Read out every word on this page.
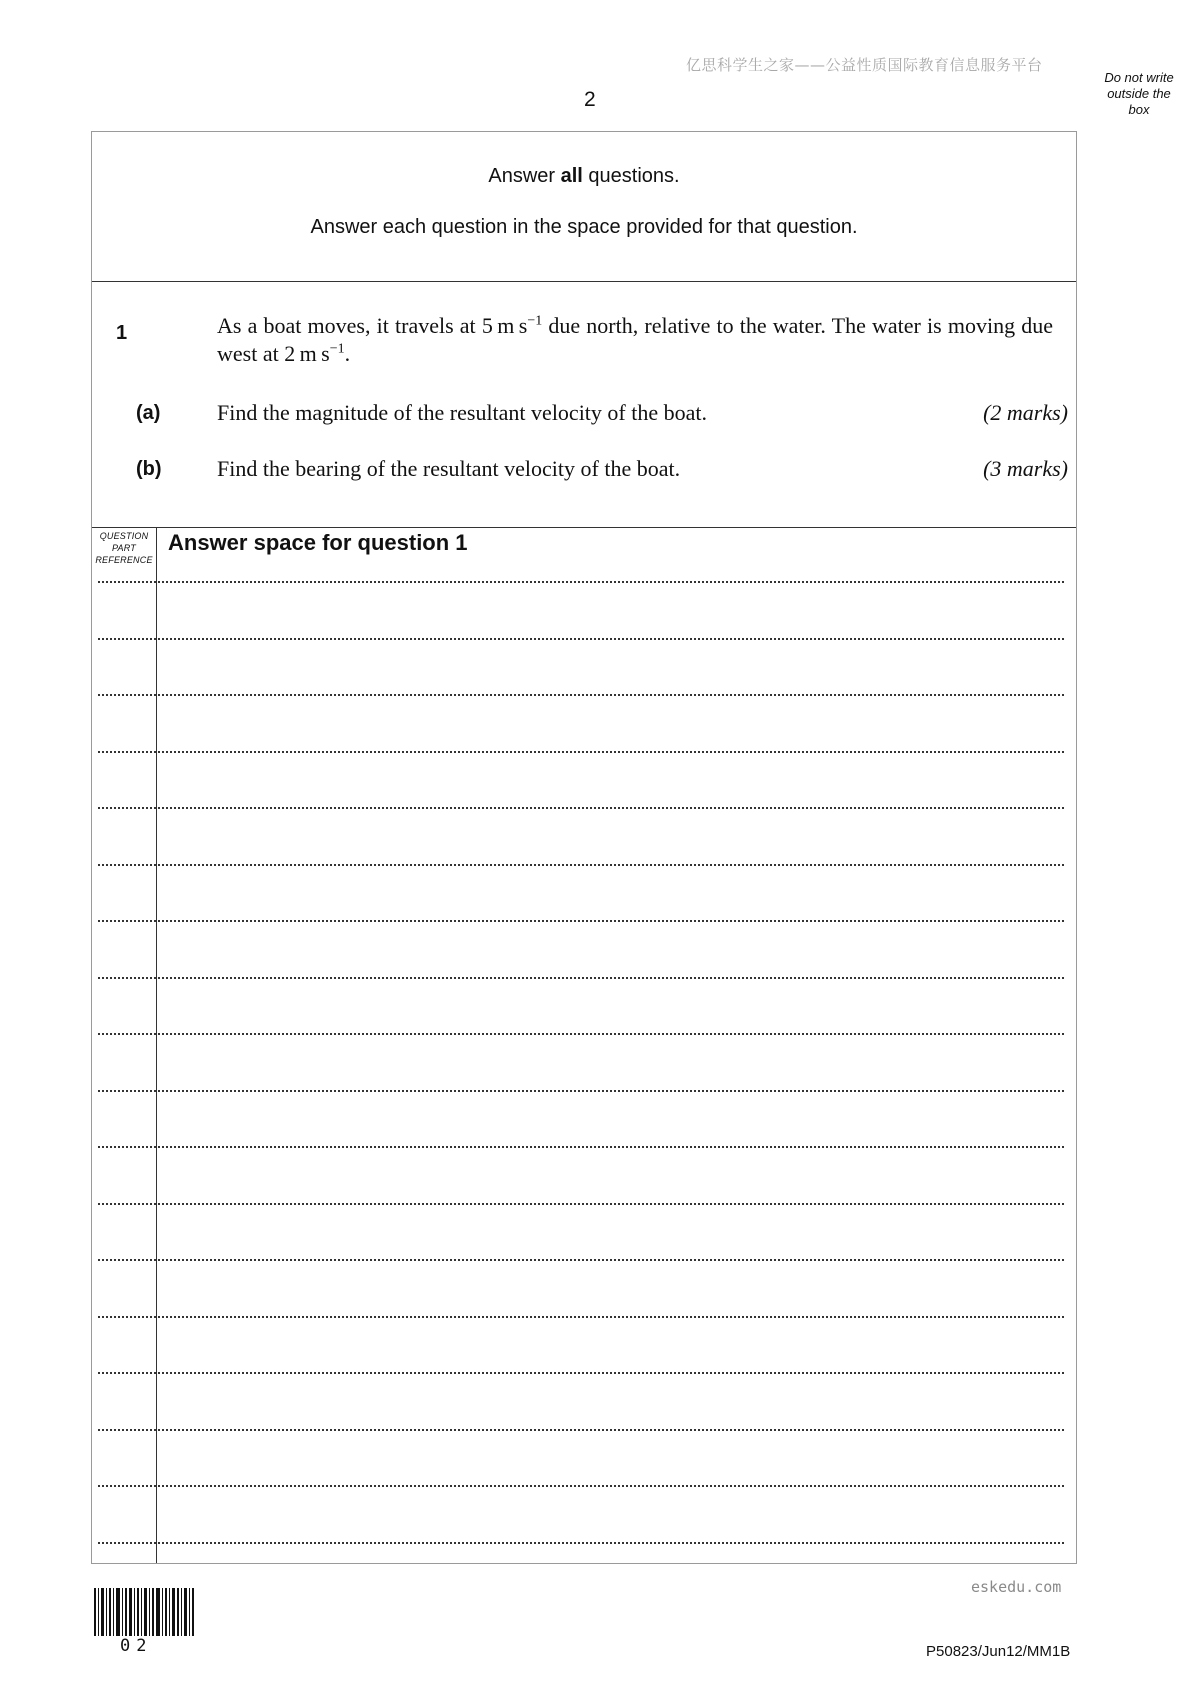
亿思科学生之家——公益性质国际教育信息服务平台
2
Do not write
outside the
box
Answer all questions.
Answer each question in the space provided for that question.
1	As a boat moves, it travels at 5 m $s^{-1}$ due north, relative to the water. The water is moving due west at 2 m $s^{-1}$.
(a)	Find the magnitude of the resultant velocity of the boat.	(2 marks)
(b)	Find the bearing of the resultant velocity of the boat.	(3 marks)
QUESTION
PART
REFERENCE
Answer space for question 1
eskedu.com
02	P50823/Jun12/MM1B
